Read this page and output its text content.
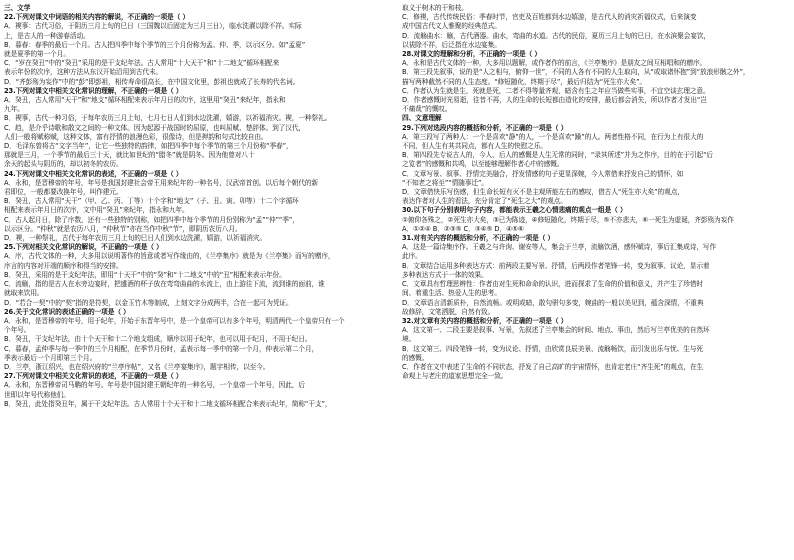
三、文学
22.下列对课文中词语的相关内容的解说，不正确的一项是（ ）
A．褉事：古代习俗，于阴历三月上旬的巳日（三国魏以后固定为三月三日），临水洗濯以除不祥。实际
上，是古人的一种游春活动。
B．暮春：春季的最后一个月。古人把四季中每个季节的三个月份称为孟、仲、季，以示区分。如“孟夏”
就是夏季的第一个月。
C．“岁在癸丑”中的“癸丑”采用的是干支纪年法。古人常用“十大天干”和“十二地支”循环相配来
表示年份的次序，这种方法从东汉开始沿用到古代末。
D．“齐彭殇为妄作”中的“彭”即彭祖，相传寿命很高长，在中国文化里，彭祖也就成了长寿的代名词。
23.下列对课文中相关文化常识的理解，不正确的一项是（ ）
A．癸丑，古人常用“天干”和“地支”循环相配来表示年月日的次序，这里用“癸丑”来纪年，指永和
九年。
B．褉事，古代一种习俗，于每年农历三月上旬，七月七日人们到水边洗濯，嬉游，以祈福消灾。褉，一种祭礼。
C．趋，是介乎诗歌和散文之间的一种文体。因为起源于战国时的屈原，也叫屈赋、楚辞体。到了汉代，
人们一般将赋称赋，这种文体，富有抒情的浪漫色彩，很像诗，但是押韵和句式比较自由。
D．毛泽东曾将古“文字当年”，让它一些独特的韵律，如把四季中每个季节的第三个月份称“季春”，
那就是三月，一个季节的最后三十天，就比如世纪的“腊冬”就是阴冬。因为他曾对八十
余天的起头与阴历的，却以初冬的农历。
24.下列对课文中相关文化常识的表述，不正确的一项是（ ）
A．永和，是晋穆帝的年号，年号是我国封建社会帝王用来纪年的一种名号，汉武帝首创。以后每个朝代的新
君即位，一般都要改换年号，叫作建元。
B．癸丑，古人常用“天干”（甲、乙、丙、丁等）十个字和“地支”（子、丑、寅、卯等）十二个字循环
相配来表示年月日的次序，文中用“癸丑”来纪年，指永和九年。
C．古人起月日，除了序数，还有一些独特的别称，如把四季中每个季节的月份别称为“孟”“仲”“季”，
以示区分。“仲秋”就是农历八月，“仲秋节”亦在当作中秋“节”，即阴历农历八月。
D．褉，一种祭礼，古代于每年农历三月上旬的巳日人们到水边洗濯，嬉游，以祈福消灾。
25.下列对相关文化常识的解说，不正确的一项是（ ）
A．序，古代文体的一种，大多用以说明著作的旨意或者写作缘由的，《兰亭集序》就是为《兰亭集》而写的赠序，
序言的内容对开端的顺序和得当的安排。
B．癸丑，采用的是干支纪年法，即用“十天干”中的“癸”和“十二地支”中的“丑”相配来表示年份。
C．流觞，指的是古人在水旁边宴时，把盛酒的杯子放在弯弯曲曲的水流上，由上游往下流，流到谁的面前，谁
就取来饮用。
D．“若合一契”中的“契”指的是符契，以金玉竹木等制成，上刻文字分成两半，合在一起可为凭证。
26.关于文化常识的表述正确的一项是（ ）
A．永和，是晋穆帝的年号，用于纪年，开始于东晋年号中，是一个皇帝可以有多个年号，明清两代一个皇帝只有一个
个年号。
B．癸丑，干支纪年法，由十个天干和十二个地支组成，顺序以用于纪年，也可以用于纪月，不用于纪日。
C．暮春，孟仲季与每一季中的三个月相配，在季节月份时，孟表示每一季中的第一个月，仲表示第二个月，
季表示最后一个月即第三个月。
D．兰亭，浙江绍兴，也在绍兴府的“兰亭序帖”，又名《兰亭宴集序》，题字相传，以至今。
27.下列对课文中相关文化常识的表述，不正确的一项是（ ）
A．永和，东晋穆帝司马聃的年号。年号是中国封建王朝纪年的一种名号，一个皇帝一个年号，因此，后
世即以年号代称他们。
B．癸丑，此处指癸丑年，属于干支纪年法。古人常用十个天干和十二地支循环相配合来表示纪年，简称“干支”，
取义于树木的干和枝。
C．修禊，古代传统民俗：季春时节，官吏及百姓都到水边嬉游，是古代人的消灾祈福仪式，后来演变
成中国古代文人雅聚的经典范式。
D．流觞曲水：觞，古代酒器。曲水，弯曲的水道。古代的民俗，夏历三月上旬的巳日，在水滨聚会宴饮，
以祓除不祥，后泛指在水边宴集。
28.对课文的理解和分析，不正确的一项是（ ）
A．永和是古代文体的一种，大多用以题解，或作者作的前言，《兰亭集序》是朋友之间互相唱和的赠序。
B．第三段先叙事，说的是“人之相与，俯仰一世”，不同的人各有不同的人生取向，从“或取诸怀抱”到“放浪形骸之外”，
描写两种截然不同的人生态度。“修短随化，终期于尽”，最后归结为“死生亦大矣”。
C．作者认为生就是生，死就是死，二者不得等量齐观，暗含有生之年应当做些实事，不宜空谈玄理之意。
D．作者感慨时光易逝，往昔不再，人的生命的长短都由造化的安排，最后都会消失，所以作者才发出“岂
不痛哉”的慨叹。
四、文意理解
29.下列对选段内容的概括和分析，不正确的一项是（ ）
A．第三段写了两种人：一个是喜欢“静”的人，一个是喜欢“躁”的人。两者性格不同，在行为上有很大的
不同，但人生有其共同点，都有人生的快慰之乐。
B．第四段先专说古人的，今人、后人的感慨是人生无常的同时，“录其所述”并为之作序，目的在于引起“后
之览者”的感慨和共鸣，以至能够理解作者心中的感慨。
C．文章写景、叙事、抒情完美融合，抒发情感的句子更显深婉，今人常借来抒发自己的情怀，如
“不知老之将至”“情随事迁”。
D．文章借快乐写伤感，但生命长短有灭不是主观所能左右的感叹，借古人“死生亦大矣”的观点，
表达作者对人生的看法，充分肯定了“死生之大”的观点。
30.以下句子分别表明句子内容，都能表示王羲之心情悲痛的观点一组是（ ）
①俯仰各殊之，②死生亦大矣，③已为陈迹，④修短随化，终期于尽，⑤不亦悲夫，⑥一死生为虚诞，齐彭殇为妄作
A．①②④ B．②③⑤ C．③④⑤ D．④⑤⑥
31.对有关内容的概括和分析，不正确的一项是（ ）
A．这是一篇诗集序作。王羲之与许询、谢安等人，集会于兰亭，流觞饮酒，感怀赋诗，事后汇集成诗，写作
此序。
B．文章结合运用多种表达方式：前两段主要写景、抒情，后两段作者笔锋一转，变为叙事、议论，显示着
多种表达方式于一体的效果。
C．文章具有哲理思辨性：作者由对生死和命命的认识，进而探求了生命的价值和意义，并产生了珍惜时
间、着重生活、热爱人生的思考。
D．文章语言清新质朴，自然流畅。或明或暗，散句骈句多变，婉曲的一般以美见到，蕴含深情，不重典
故修辞，文笔洒脱，自然有致。
32.对文章有关内容的概括和分析，不正确的一项是（ ）
A．这文第一、二段主要是叙事、写景，先叙述了兰亭集会的时间、地点、事由，然后写兰亭优美的自然环
境。
B．这文第三、四段笔锋一转，变为议论、抒情，由欣赏良辰美景、流觞畅饮，而引发出乐与忧、生与死
的感慨。
C．作者在文中表述了生命的不同状态，抒发了自己高旷的宇宙情怀，也肯定老庄“齐生死”的观点，在生
命观上与老庄的道家思想完全一致。
